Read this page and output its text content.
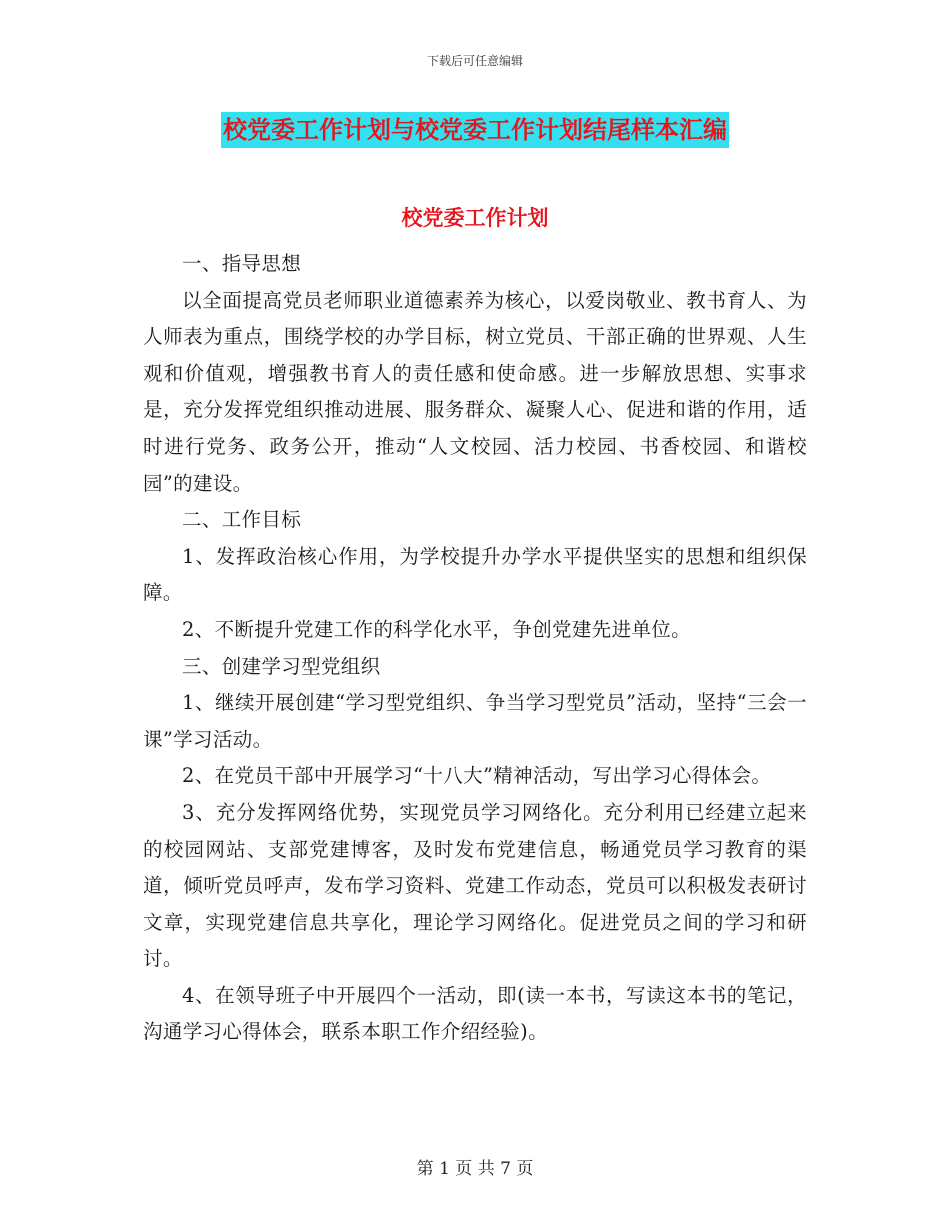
下载后可任意编辑
校党委工作计划与校党委工作计划结尾样本汇编
校党委工作计划

一、指导思想

以全面提高党员老师职业道德素养为核心，以爱岗敬业、教书育人、为人师表为重点，围绕学校的办学目标，树立党员、干部正确的世界观、人生观和价值观，增强教书育人的责任感和使命感。进一步解放思想、实事求是，充分发挥党组织推动进展、服务群众、凝聚人心、促进和谐的作用，适时进行党务、政务公开，推动“人文校园、活力校园、书香校园、和谐校园”的建设。

二、工作目标

1、发挥政治核心作用，为学校提升办学水平提供坚实的思想和组织保障。

2、不断提升党建工作的科学化水平，争创党建先进单位。

三、创建学习型党组织

1、继续开展创建“学习型党组织、争当学习型党员”活动，坚持“三会一课”学习活动。

2、在党员干部中开展学习“十八大”精神活动，写出学习心得体会。

3、充分发挥网络优势，实现党员学习网络化。充分利用已经建立起来的校园网站、支部党建博客，及时发布党建信息，畅通党员学习教育的渠道，倾听党员呼声，发布学习资料、党建工作动态，党员可以积极发表研讨文章，实现党建信息共享化，理论学习网络化。促进党员之间的学习和研讨。

4、在领导班子中开展四个一活动，即(读一本书，写读这本书的笔记，沟通学习心得体会，联系本职工作介绍经验)。

第 1 页 共 7 页
